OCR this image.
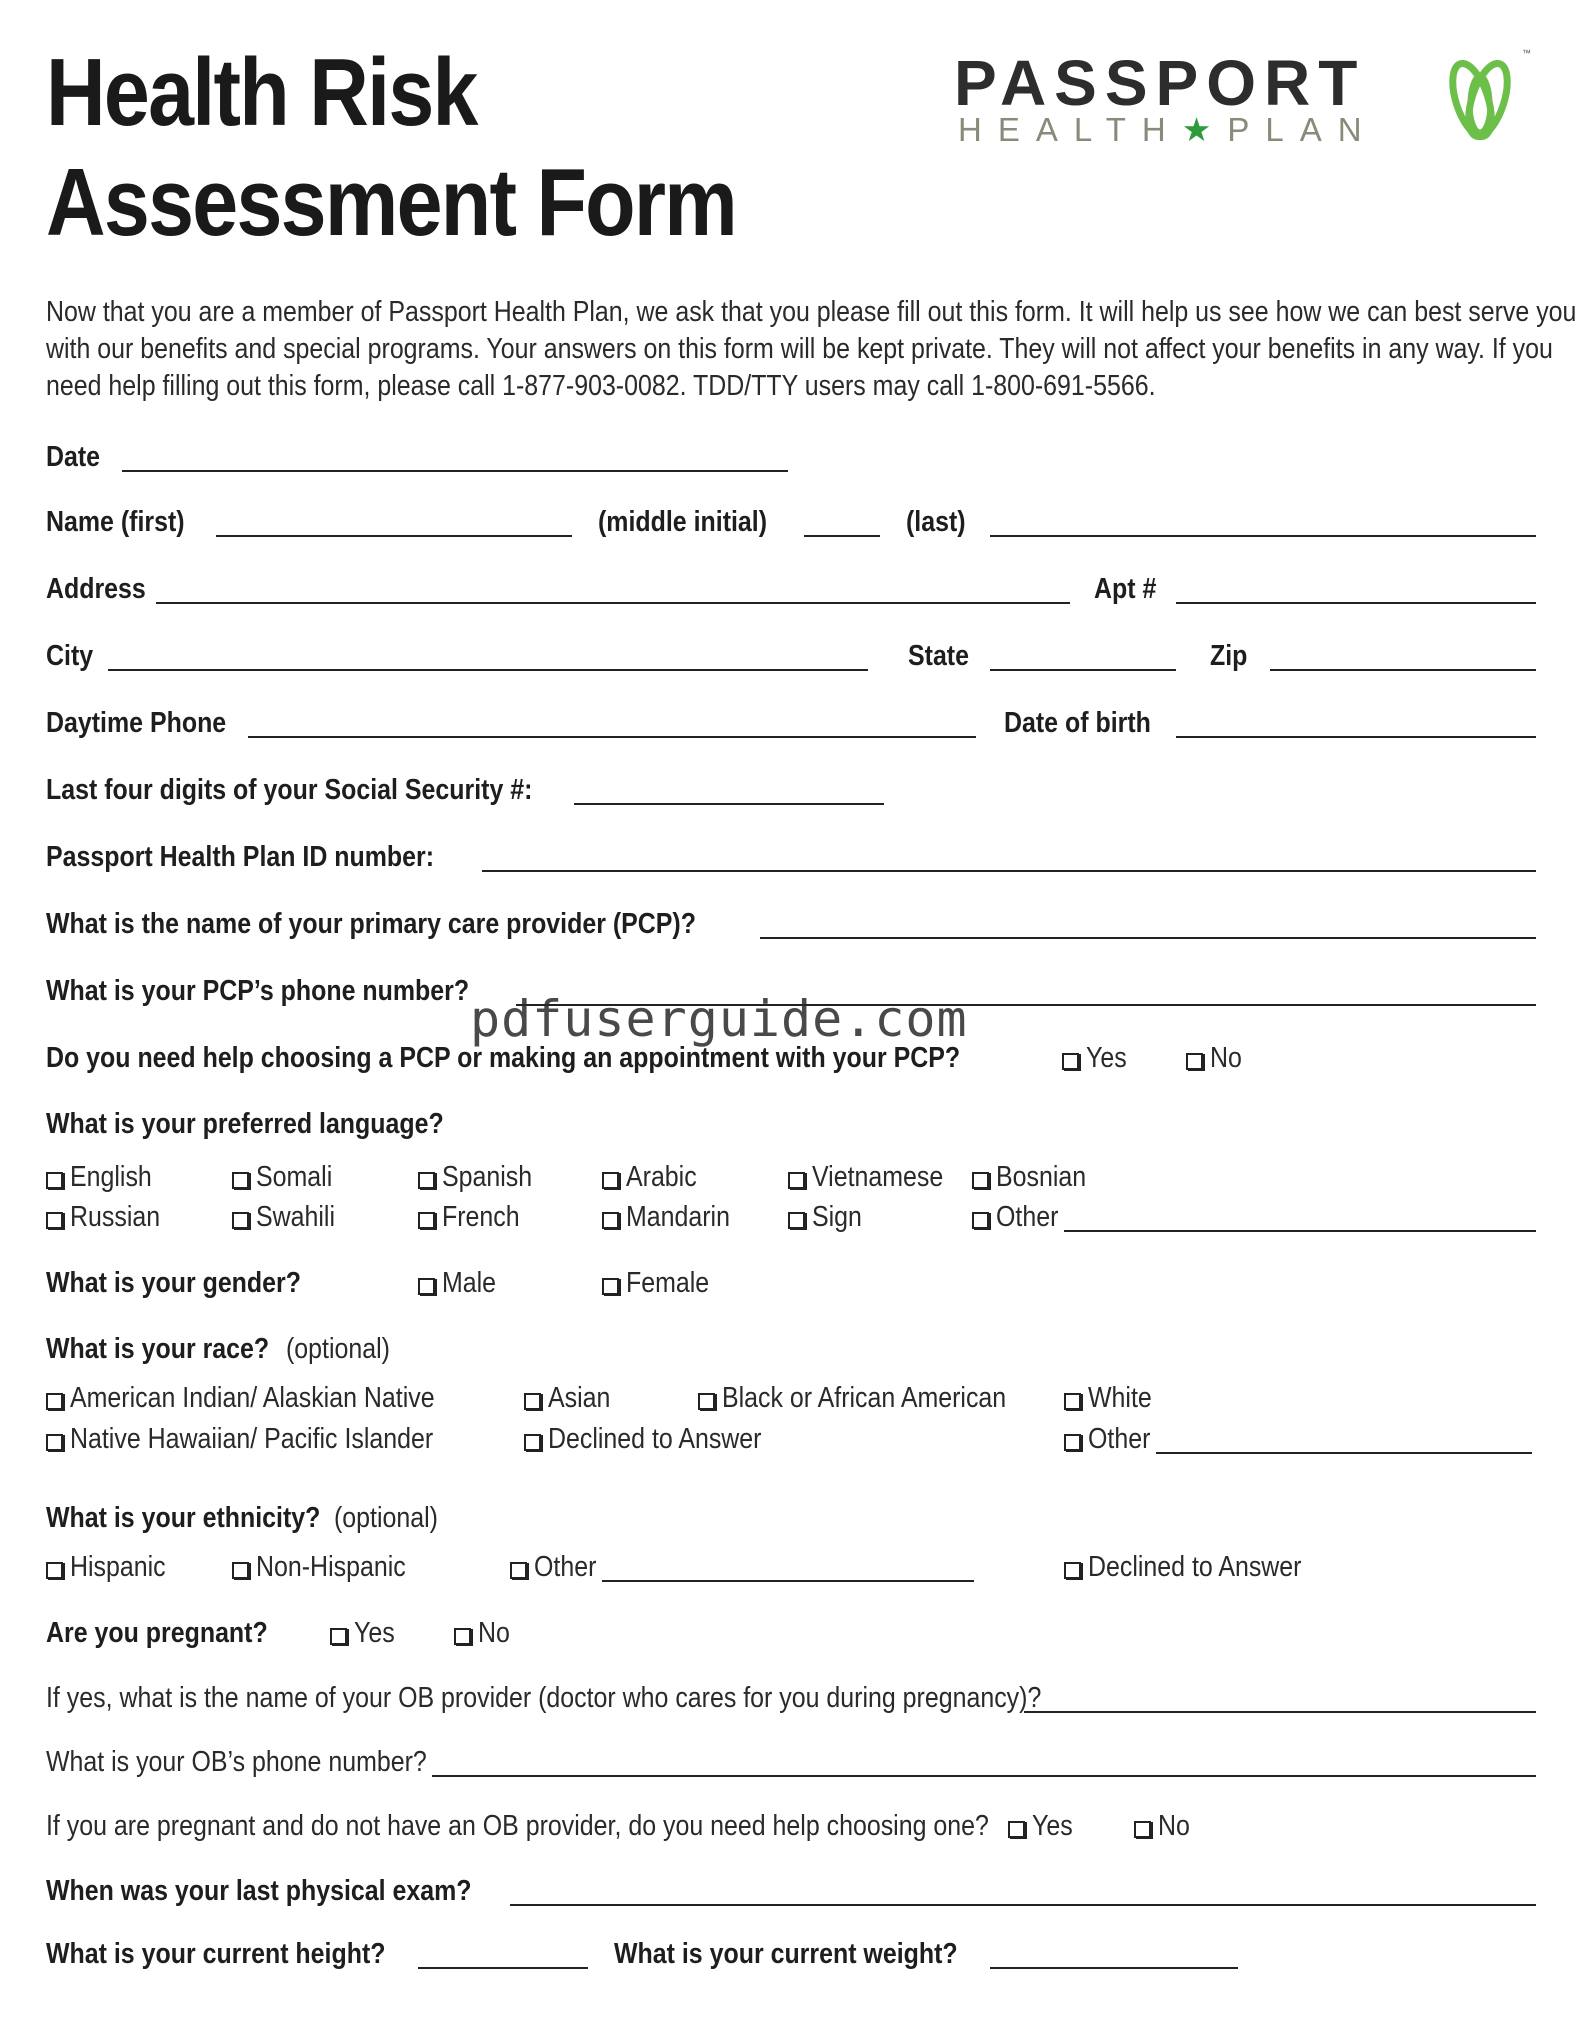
Health Risk
Assessment Form
PASSPORT
HEALTH★PLAN
™
Now that you are a member of Passport Health Plan, we ask that you please fill out this form. It will help us see how we can best serve you
with our benefits and special programs. Your answers on this form will be kept private. They will not affect your benefits in any way. If you
need help filling out this form, please call 1-877-903-0082. TDD/TTY users may call 1-800-691-5566.
Date
Name (first)	(middle initial)	(last)
Address	Apt #
City	State	Zip
Daytime Phone	Date of birth
Last four digits of your Social Security #:
Passport Health Plan ID number:
What is the name of your primary care provider (PCP)?
What is your PCP’s phone number? pdfuserguide.com
Do you need help choosing a PCP or making an appointment with your PCP?	Yes	No
What is your preferred language?
English	Somali	Spanish	Arabic	Vietnamese Bosnian
Russian	Swahili	French	Mandarin	Sign	Other
What is your gender?	Male	Female
What is your race? (optional)
American Indian/ Alaskian Native	Asian	Black or African American	White
Native Hawaiian/ Pacific Islander	Declined to Answer	Other
What is your ethnicity? (optional)
Hispanic	Non-Hispanic	Other	Declined to Answer
Are you pregnant?	Yes	No
If yes, what is the name of your OB provider (doctor who cares for you during pregnancy)?
What is your OB’s phone number?
If you are pregnant and do not have an OB provider, do you need help choosing one? Yes	No
When was your last physical exam?
What is your current height?	What is your current weight?
